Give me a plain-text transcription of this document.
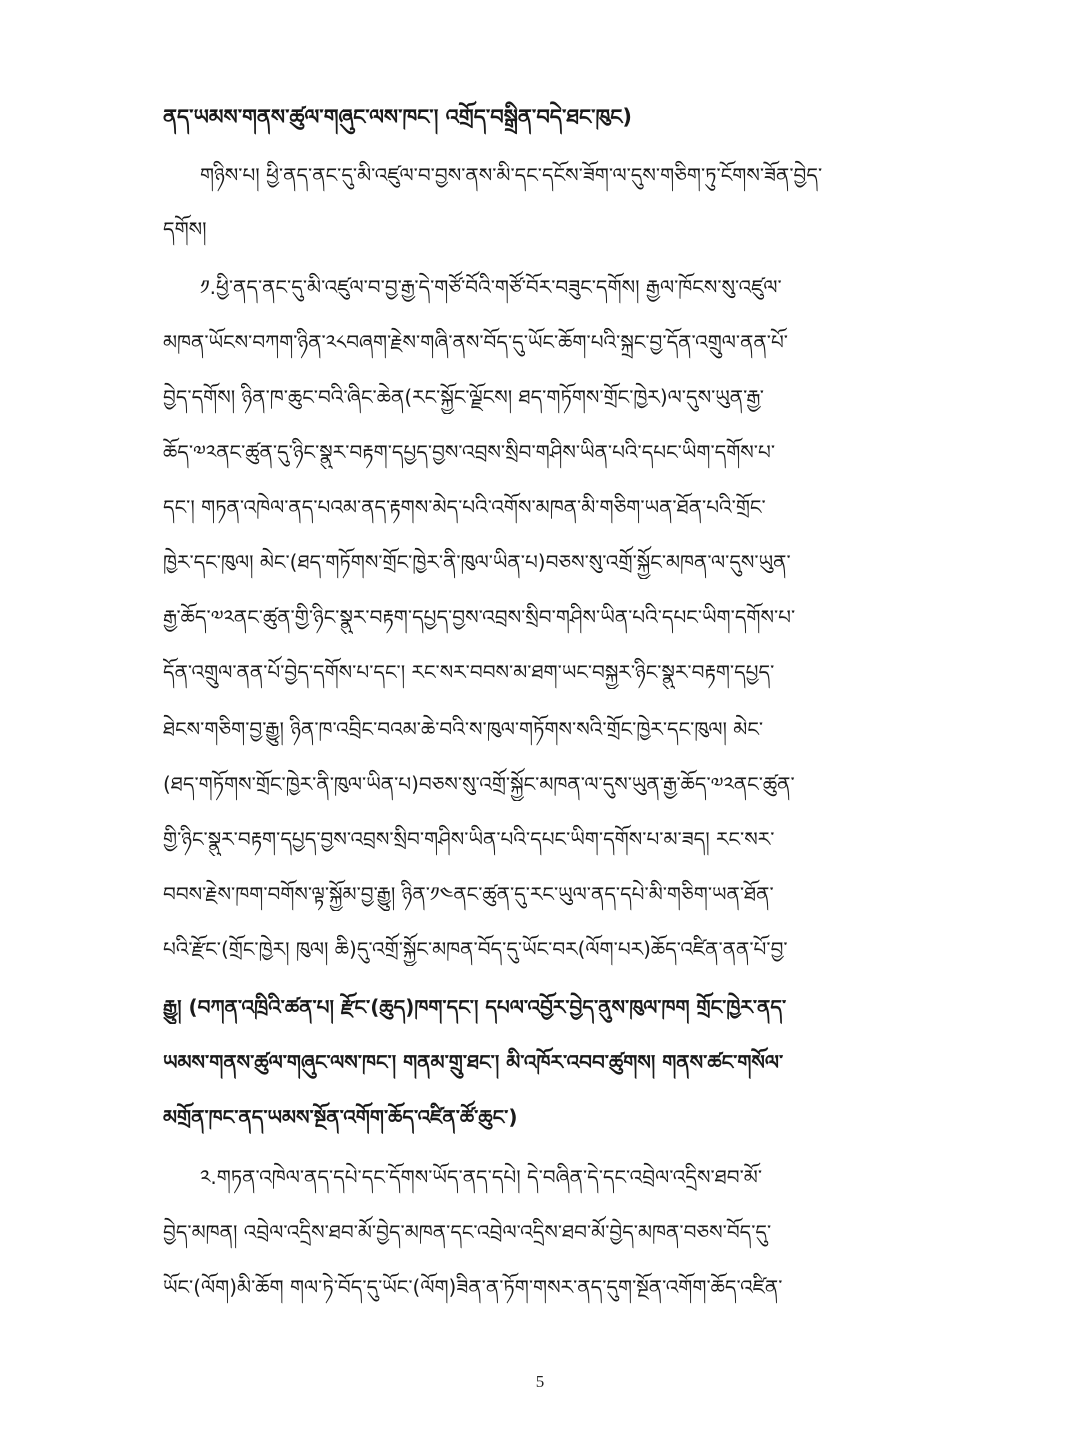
ནད་ཡམས་གནས་ཚུལ་གཞུང་ལས་ཁང་། འགྲོད་བསྒྲིན་བདེ་ཐང་ཁུང)
གཉིས་པ། ཕྱི་ནད་ནང་དུ་མི་འཛུལ་བ་བྱས་ནས་མི་དང་དངོས་ཟོག་ལ་དུས་གཅིག་ཏུ་ངོགས་ཟོན་བྱེད་
དགོས།
༡.ཕྱི་ནད་ནང་དུ་མི་འཛུལ་བ་བྱ་རྒྱ་དེ་གཙོ་བོའི་གཙོ་བོར་བཟུང་དགོས། རྒྱལ་ཁོངས་སུ་འཛུལ་
མཁན་ཡོངས་བཀག་ཉིན་༢༨བཞག་རྗེས་གཞི་ནས་བོད་དུ་ཡོང་ཆོག་པའི་སྐྲང་བྱ་དོན་འགྲུལ་ནན་པོ་
བྱེད་དགོས། ཉིན་ཁ་ཆུང་བའི་ཞིང་ཆེན(རང་སྐྱོང་ལྗོངས། ཐད་གཏོགས་གྲོང་ཁྱེར)ལ་དུས་ཡུན་རྒྱ་
ཆོད་༧༢ནང་ཚུན་དུ་ཉིང་སྣུར་བརྟག་དཔྱད་བྱས་འབྲས་སྲིབ་གཤིས་ཡིན་པའི་དཔང་ཡིག་དགོས་པ་
དང་། གཏན་འཁེལ་ནད་པའམ་ནད་རྟགས་མེད་པའི་འགོས་མཁན་མི་གཅིག་ཡན་ཐོན་པའི་གྲོང་
ཁྱེར་དང་ཁུལ། མེང་(ཐད་གཏོགས་གྲོང་ཁྱེར་ནི་ཁུལ་ཡིན་པ)བཅས་སུ་འགྲོ་སྐྱོང་མཁན་ལ་དུས་ཡུན་
རྒྱ་ཆོད་༧༢ནང་ཚུན་གྱི་ཉིང་སྣུར་བརྟག་དཔྱད་བྱས་འབྲས་སྲིབ་གཤིས་ཡིན་པའི་དཔང་ཡིག་དགོས་པ་
དོན་འགྲུལ་ནན་པོ་བྱེད་དགོས་པ་དང་། རང་སར་བབས་མ་ཐག་ཡང་བསྐྱར་ཉིང་སྣུར་བརྟག་དཔྱད་
ཐེངས་གཅིག་བྱ་རྒྱུ། ཉིན་ཁ་འབྲིང་བའམ་ཆེ་བའི་ས་ཁུལ་གཏོགས་སའི་གྲོང་ཁྱེར་དང་ཁུལ། མེང་
(ཐད་གཏོགས་གྲོང་ཁྱེར་ནི་ཁུལ་ཡིན་པ)བཅས་སུ་འགྲོ་སྐྱོང་མཁན་ལ་དུས་ཡུན་རྒྱ་ཆོད་༧༢ནང་ཚུན་
གྱི་ཉིང་སྣུར་བརྟག་དཔྱད་བྱས་འབྲས་སྲིབ་གཤིས་ཡིན་པའི་དཔང་ཡིག་དགོས་པ་མ་ཟད། རང་སར་
བབས་རྗེས་ཁག་བགོས་ལྟ་སྐྱོམ་བྱ་རྒྱུ། ཉིན་༡༤ནང་ཚུན་དུ་རང་ཡུལ་ནད་དཔེ་མི་གཅིག་ཡན་ཐོན་
པའི་རྫོང་(གྲོང་ཁྱེར། ཁུལ། ཆི)དུ་འགྲོ་སྐྱོང་མཁན་བོད་དུ་ཡོང་བར(ལོག་པར)ཆོད་འཛིན་ནན་པོ་བྱ་
རྒྱུ། (བཀན་འཁྲིའི་ཚན་པ། རྫོང་(ཆུད)ཁག་དང་། དཔལ་འབྱོར་བྱེད་ནུས་ཁུལ་ཁག གྲོང་ཁྱེར་ནད་
ཡམས་གནས་ཚུལ་གཞུང་ལས་ཁང་། གནམ་གྲུ་ཐང་། མི་འཁོར་འབབ་ཚུགས། གནས་ཚང་གསོལ་
མགྲོན་ཁང་ནད་ཡམས་སྔོན་འགོག་ཆོད་འཛིན་ཚོ་ཆུང་)
༢.གཏན་འཁེལ་ནད་དཔེ་དང་དོགས་ཡོད་ནད་དཔེ། དེ་བཞིན་དེ་དང་འབྲེལ་འདྲིས་ཐབ་མོ་
བྱེད་མཁན། འབྲེལ་འདྲིས་ཐབ་མོ་བྱེད་མཁན་དང་འབྲེལ་འདྲིས་ཐབ་མོ་བྱེད་མཁན་བཅས་བོད་དུ་
ཡོང་(ལོག)མི་ཆོག གལ་ཏེ་བོད་དུ་ཡོང་(ལོག)ཟིན་ན་ཏོག་གསར་ནད་དུག་སྔོན་འགོག་ཆོད་འཛིན་
5
